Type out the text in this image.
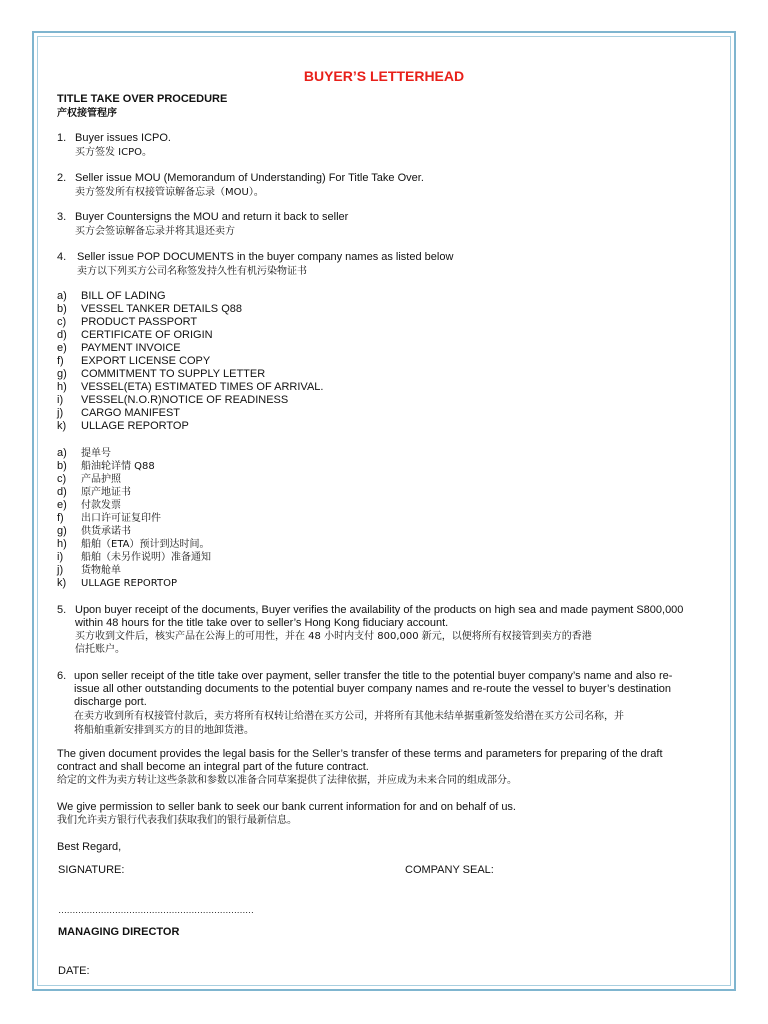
BUYER’S LETTERHEAD

TITLE TAKE OVER PROCEDURE

产权接管程序

1. Buyer issues ICPO.
买方签发 ICPO。
2. Seller issue MOU (Memorandum of Understanding) For Title Take Over.
卖方签发所有权接管谅解备忘录（MOU）。
3. Buyer Countersigns the MOU and return it back to seller
买方会签谅解备忘录并将其退还卖方
4. Seller issue POP DOCUMENTS in the buyer company names as listed below
卖方以下列买方公司名称签发持久性有机污染物证书
a) BILL OF LADING
b) VESSEL TANKER DETAILS Q88
c) PRODUCT PASSPORT
d) CERTIFICATE OF ORIGIN
e) PAYMENT INVOICE
f) EXPORT LICENSE COPY
g) COMMITMENT TO SUPPLY LETTER
h) VESSEL(ETA) ESTIMATED TIMES OF ARRIVAL.
i) VESSEL(N.O.R)NOTICE OF READINESS
j) CARGO MANIFEST
k) ULLAGE REPORTOP
a) 提单号
b) 船油轮详情 Q88
c) 产品护照
d) 原产地证书
e) 付款发票
f) 出口许可证复印件
g) 供货承诺书
h) 船舶（ETA）预计到达时间。
i) 船舶（未另作说明）准备通知
j) 货物舱单
k) ULLAGE REPORTOP
5. Upon buyer receipt of the documents, Buyer verifies the availability of the products on high sea and made payment S800,000
within 48 hours for the title take over to seller’s Hong Kong fiduciary account.
买方收到文件后，核实产品在公海上的可用性，并在 48 小时内支付 800,000 新元，以便将所有权接管到卖方的香港
信托账户。
6. upon seller receipt of the title take over payment, seller transfer the title to the potential buyer company’s name and also re-
issue all other outstanding documents to the potential buyer company names and re-route the vessel to buyer’s destination
discharge port.
在卖方收到所有权接管付款后，卖方将所有权转让给潜在买方公司，并将所有其他未结单据重新签发给潜在买方公司名称，并
将船舶重新安排到买方的目的地卸货港。
The given document provides the legal basis for the Seller’s transfer of these terms and parameters for preparing of the draft
contract and shall become an integral part of the future contract.
给定的文件为卖方转让这些条款和参数以准备合同草案提供了法律依据，并应成为未来合同的组成部分。
We give permission to seller bank to seek our bank current information for and on behalf of us.
我们允许卖方银行代表我们获取我们的银行最新信息。
Best Regard,
SIGNATURE:	COMPANY SEAL:
……………………………………………………………
MANAGING DIRECTOR
DATE:
